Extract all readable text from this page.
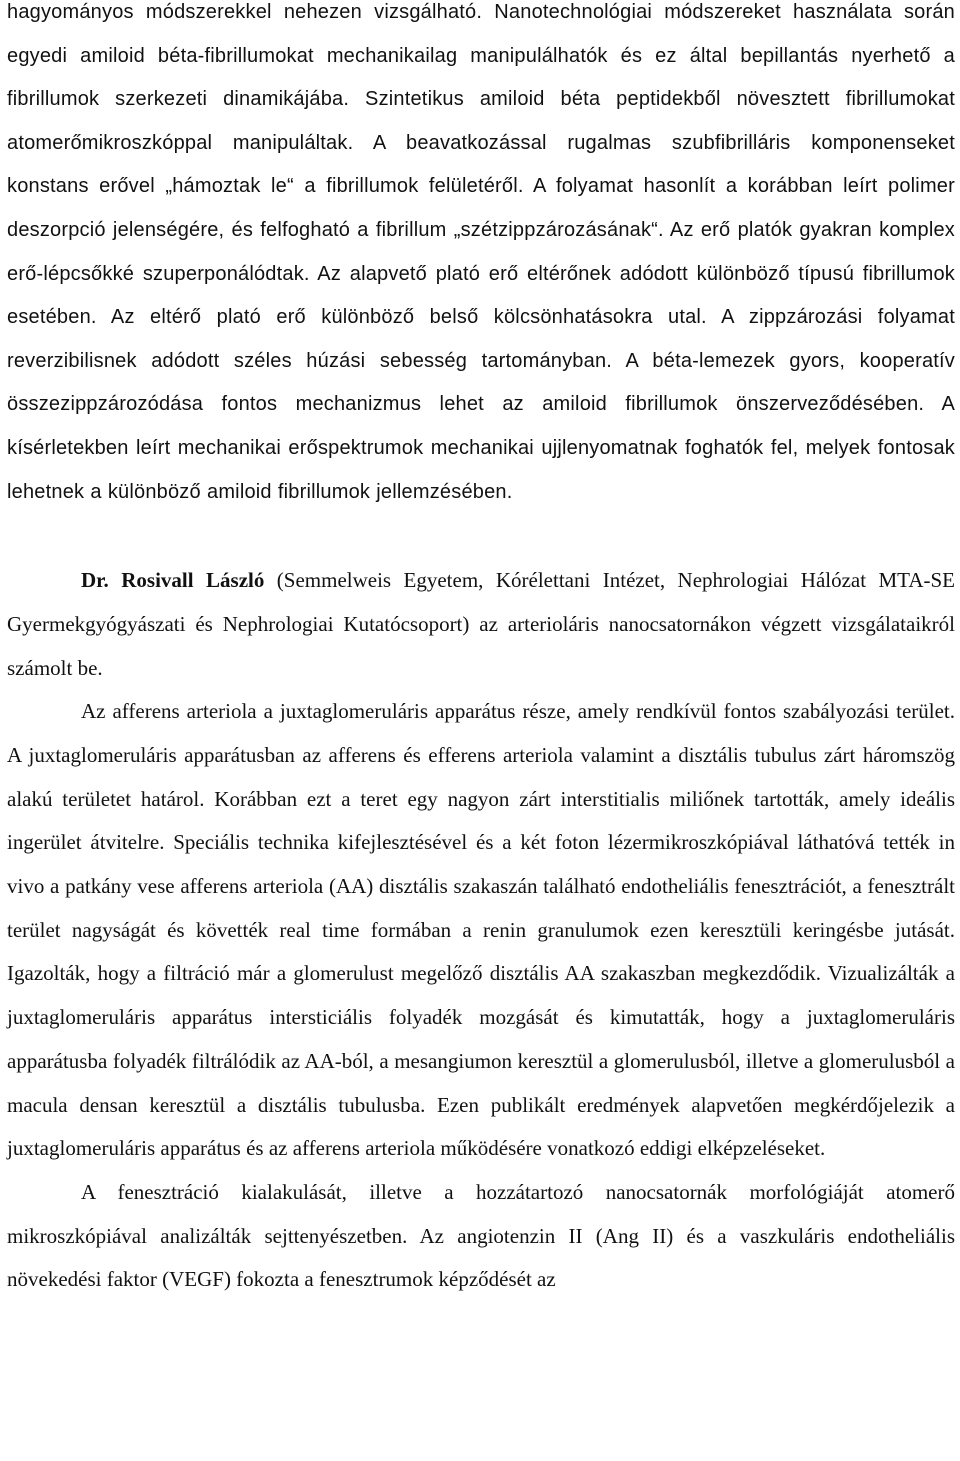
hagyományos módszerekkel nehezen vizsgálható. Nanotechnológiai módszereket használata során egyedi amiloid béta-fibrillumokat mechanikailag manipulálhatók és ez által bepillantás nyerhető a fibrillumok szerkezeti dinamikájába. Szintetikus amiloid béta peptidekből növesztett fibrillumokat atomerőmikroszkóppal manipuláltak. A beavatkozással rugalmas szubfibrilláris komponenseket konstans erővel „hámoztak le“ a fibrillumok felületéről. A folyamat hasonlít a korábban leírt polimer deszorpció jelenségére, és felfogható a fibrillum „szétzippzározásának“. Az erő platók gyakran komplex erő-lépcsőkké szuperponálódtak. Az alapvető plató erő eltérőnek adódott különböző típusú fibrillumok esetében. Az eltérő plató erő különböző belső kölcsönhatásokra utal. A zippzározási folyamat reverzibilisnek adódott széles húzási sebesség tartományban. A béta-lemezek gyors, kooperatív összezippzározódása fontos mechanizmus lehet az amiloid fibrillumok önszerveződésében. A kísérletekben leírt mechanikai erőspektrumok mechanikai ujjlenyomatnak foghatók fel, melyek fontosak lehetnek a különböző amiloid fibrillumok jellemzésében.

Dr. Rosivall László (Semmelweis Egyetem, Kórélettani Intézet, Nephrologiai Hálózat MTA-SE Gyermekgyógyászati és Nephrologiai Kutatócsoport) az arterioláris nanocsatornákon végzett vizsgálataikról számolt be.

Az afferens arteriola a juxtaglomeruláris apparátus része, amely rendkívül fontos szabályozási terület. A juxtaglomeruláris apparátusban az afferens és efferens arteriola valamint a disztális tubulus zárt háromszög alakú területet határol. Korábban ezt a teret egy nagyon zárt interstitialis miliőnek tartották, amely ideális ingerület átvitelre. Speciális technika kifejlesztésével és a két foton lézermikroszkópiával láthatóvá tették in vivo a patkány vese afferens arteriola (AA) disztális szakaszán található endotheliális fenesztrációt, a fenesztrált terület nagyságát és követték real time formában a renin granulumok ezen keresztüli keringésbe jutását. Igazolták, hogy a filtráció már a glomerulust megelőző disztális AA szakaszban megkezdődik. Vizualizálták a juxtaglomeruláris apparátus intersticiális folyadék mozgását és kimutatták, hogy a juxtaglomeruláris apparátusba folyadék filtrálódik az AA-ból, a mesangiumon keresztül a glomerulusból, illetve a glomerulusból a macula densan keresztül a disztális tubulusba. Ezen publikált eredmények alapvetően megkérdőjelezik a juxtaglomeruláris apparátus és az afferens arteriola működésére vonatkozó eddigi elképzeléseket.

A fenesztráció kialakulását, illetve a hozzátartozó nanocsatornák morfológiáját atomerő mikroszkópiával analizálták sejttenyészetben. Az angiotenzin II (Ang II) és a vaszkuláris endotheliális növekedési faktor (VEGF) fokozta a fenesztrumok képződését az
